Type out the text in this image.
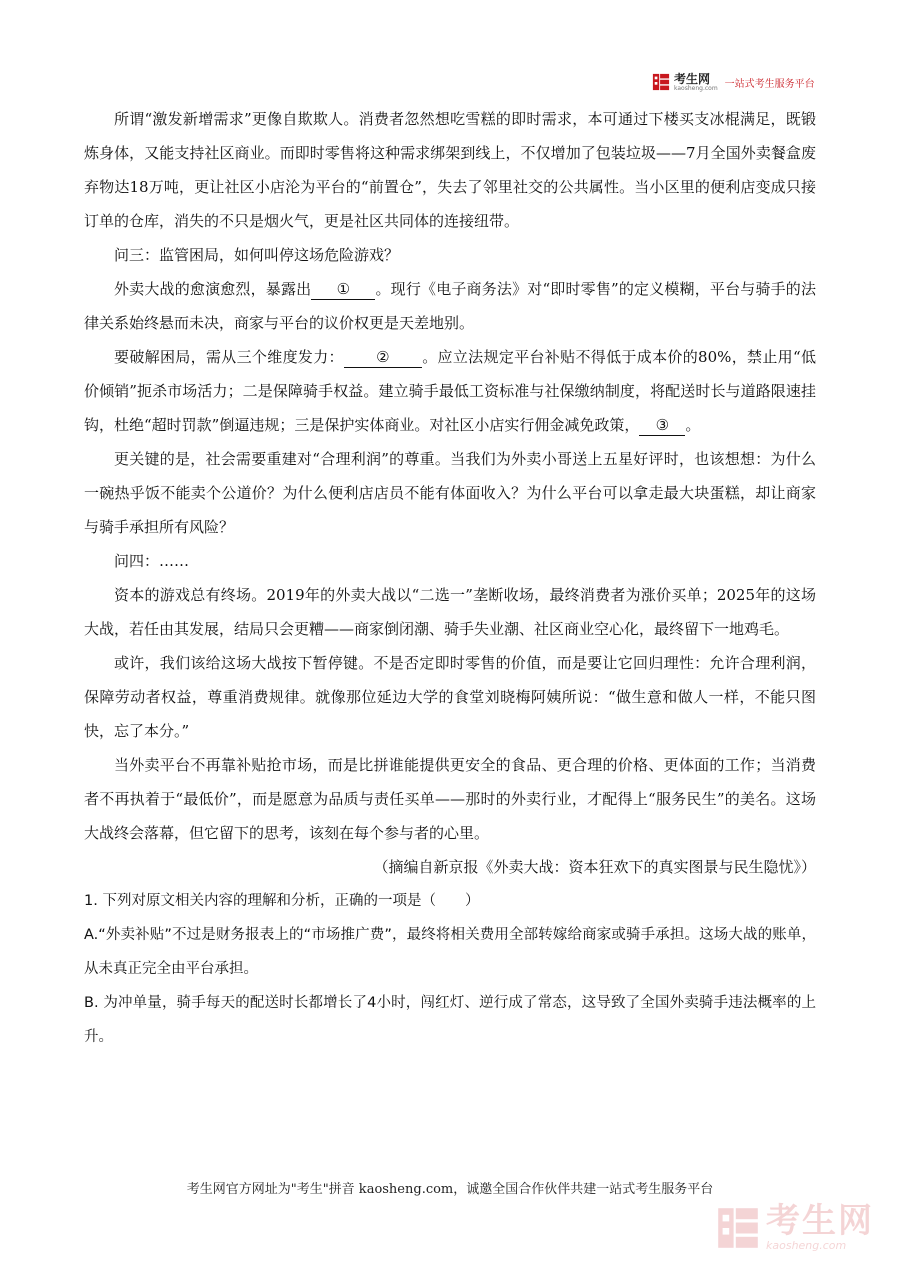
考生网
kaosheng.com 一站式考生服务平台

所谓“激发新增需求”更像自欺欺人。消费者忽然想吃雪糕的即时需求，本可通过下楼买支冰棍满足，既锻炼身体，又能支持社区商业。而即时零售将这种需求绑架到线上，不仅增加了包装垃圾——7月全国外卖餐盒废弃物达18万吨，更让社区小店沦为平台的“前置仓”，失去了邻里社交的公共属性。当小区里的便利店变成只接订单的仓库，消失的不只是烟火气，更是社区共同体的连接纽带。

问三：监管困局，如何叫停这场危险游戏？

外卖大战的愈演愈烈，暴露出 ① 。现行《电子商务法》对“即时零售”的定义模糊，平台与骑手的法律关系始终悬而未决，商家与平台的议价权更是天差地别。

要破解困局，需从三个维度发力： ② 。应立法规定平台补贴不得低于成本价的80%，禁止用“低价倾销”扼杀市场活力；二是保障骑手权益。建立骑手最低工资标准与社保缴纳制度，将配送时长与道路限速挂钩，杜绝“超时罚款”倒逼违规；三是保护实体商业。对社区小店实行佣金减免政策， ③ 。

更关键的是，社会需要重建对“合理利润”的尊重。当我们为外卖小哥送上五星好评时，也该想想：为什么一碗热乎饭不能卖个公道价？为什么便利店店员不能有体面收入？为什么平台可以拿走最大块蛋糕，却让商家与骑手承担所有风险？

问四：……

资本的游戏总有终场。2019年的外卖大战以“二选一”垄断收场，最终消费者为涨价买单；2025年的这场大战，若任由其发展，结局只会更糟——商家倒闭潮、骑手失业潮、社区商业空心化，最终留下一地鸡毛。

或许，我们该给这场大战按下暂停键。不是否定即时零售的价值，而是要让它回归理性：允许合理利润，保障劳动者权益，尊重消费规律。就像那位延边大学的食堂刘晓梅阿姨所说：“做生意和做人一样，不能只图快，忘了本分。”

当外卖平台不再靠补贴抢市场，而是比拼谁能提供更安全的食品、更合理的价格、更体面的工作；当消费者不再执着于“最低价”，而是愿意为品质与责任买单——那时的外卖行业，才配得上“服务民生”的美名。这场大战终会落幕，但它留下的思考，该刻在每个参与者的心里。

（摘编自新京报《外卖大战：资本狂欢下的真实图景与民生隐忧》）

1. 下列对原文相关内容的理解和分析，正确的一项是（　　）

A.“外卖补贴”不过是财务报表上的“市场推广费”，最终将相关费用全部转嫁给商家或骑手承担。这场大战的账单，从未真正完全由平台承担。

B. 为冲单量，骑手每天的配送时长都增长了4小时，闯红灯、逆行成了常态，这导致了全国外卖骑手违法概率的上升。

考生网官方网址为"考生"拼音 kaosheng.com，诚邀全国合作伙伴共建一站式考生服务平台
考生网
kaosheng.com
